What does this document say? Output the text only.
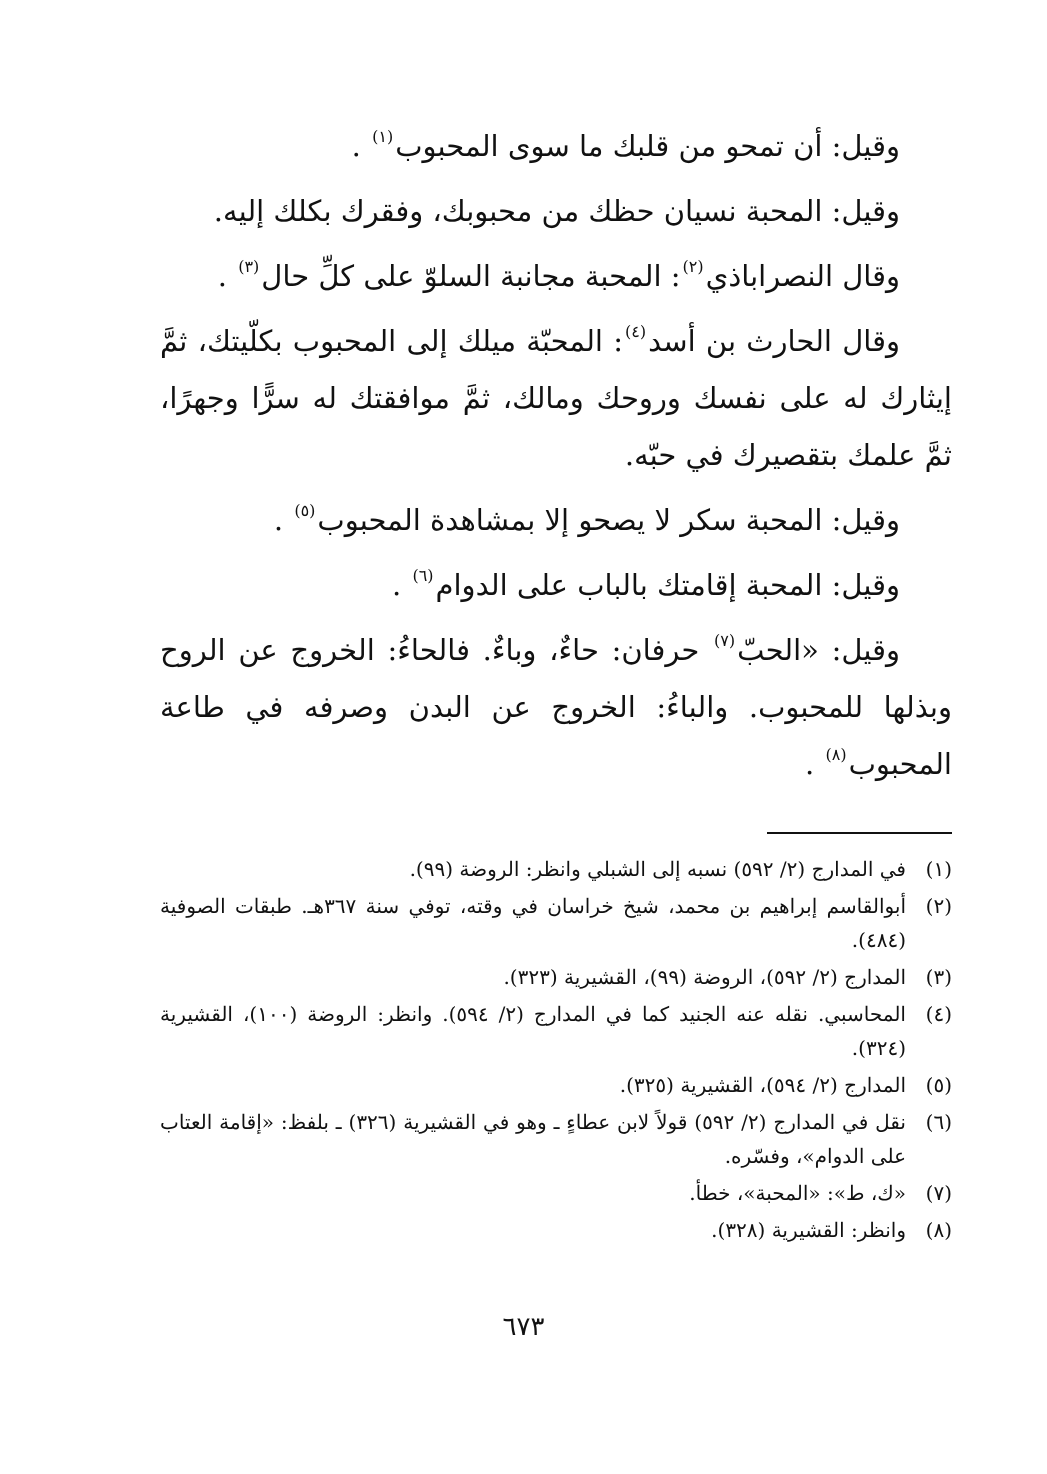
وقيل: أن تمحو من قلبك ما سوى المحبوب$^{(١)}$ .

وقيل: المحبة نسيان حظك من محبوبك، وفقرك بكلك إليه.

وقال النصراباذي$^{(٢)}$: المحبة مجانبة السلوّ على كلِّ حال$^{(٣)}$ .

وقال الحارث بن أسد$^{(٤)}$: المحبّة ميلك إلى المحبوب بكلّيتك، ثمَّ إيثارك له على نفسك وروحك ومالك، ثمَّ موافقتك له سرًّا وجهرًا، ثمَّ علمك بتقصيرك في حبّه.

وقيل: المحبة سكر لا يصحو إلا بمشاهدة المحبوب$^{(٥)}$ .

وقيل: المحبة إقامتك بالباب على الدوام$^{(٦)}$ .

وقيل: «الحبّ$^{(٧)}$ حرفان: حاءٌ، وباءٌ. فالحاءُ: الخروج عن الروح وبذلها للمحبوب. والباءُ: الخروج عن البدن وصرفه في طاعة المحبوب$^{(٨)}$ .

(١)
في المدارج (٢/ ٥٩٢) نسبه إلى الشبلي وانظر: الروضة (٩٩).
(٢)
أبوالقاسم إبراهيم بن محمد، شيخ خراسان في وقته، توفي سنة ٣٦٧هـ. طبقات الصوفية (٤٨٤).
(٣)
المدارج (٢/ ٥٩٢)، الروضة (٩٩)، القشيرية (٣٢٣).
(٤)
المحاسبي. نقله عنه الجنيد كما في المدارج (٢/ ٥٩٤). وانظر: الروضة (١٠٠)، القشيرية (٣٢٤).
(٥)
المدارج (٢/ ٥٩٤)، القشيرية (٣٢٥).
(٦)
نقل في المدارج (٢/ ٥٩٢) قولاً لابن عطاءٍ ـ وهو في القشيرية (٣٢٦) ـ بلفظ: «إقامة العتاب على الدوام»، وفسّره.
(٧)
«ك، ط»: «المحبة»، خطأ.
(٨)
وانظر: القشيرية (٣٢٨).
٦٧٣
